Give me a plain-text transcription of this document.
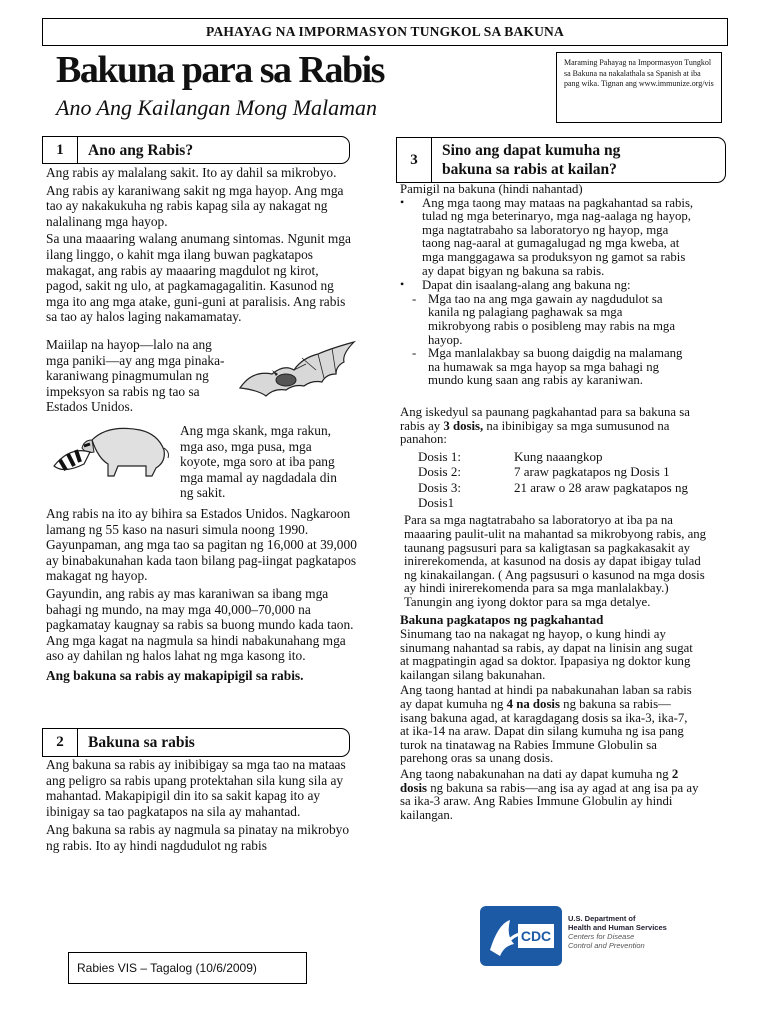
PAHAYAG NA IMPORMASYON TUNGKOL SA BAKUNA
Bakuna para sa Rabis
Ano Ang Kailangan Mong Malaman
Maraming Pahayag na Impormasyon Tungkol sa Bakuna na nakalathala sa Spanish at iba pang wika. Tignan ang www.immunize.org/vis
1	Ano ang Rabis?
Ang rabis ay malalang sakit. Ito ay dahil sa mikrobyo.
Ang rabis ay karaniwang sakit ng mga hayop. Ang mga tao ay nakakukuha ng rabis kapag sila ay nakagat ng nalalinang mga hayop.
Sa una maaaring walang anumang sintomas. Ngunit mga ilang linggo, o kahit mga ilang buwan pagkatapos makagat, ang rabis ay maaaring magdulot ng kirot, pagod, sakit ng ulo, at pagkamagagalitin. Kasunod ng mga ito ang mga atake, guni-guni at paralisis. Ang rabis sa tao ay halos laging nakamamatay.
Maiilap na hayop—lalo na ang mga paniki—ay ang mga pinaka-karaniwang pinagmumulan ng impeksyon sa rabis ng tao sa Estados Unidos.
Ang mga skank, mga rakun, mga aso, mga pusa, mga koyote, mga soro at iba pang mga mamal ay nagdadala din ng sakit.
Ang rabis na ito ay bihira sa Estados Unidos. Nagkaroon lamang ng 55 kaso na nasuri simula noong 1990. Gayunpaman, ang mga tao sa pagitan ng 16,000 at 39,000 ay binabakunahan kada taon bilang pag-iingat pagkatapos makagat ng hayop.
Gayundin, ang rabis ay mas karaniwan sa ibang mga bahagi ng mundo, na may mga 40,000–70,000 na pagkamatay kaugnay sa rabis sa buong mundo kada taon. Ang mga kagat na nagmula sa hindi nabakunahang mga aso ay dahilan ng halos lahat ng mga kasong ito.
Ang bakuna sa rabis ay makapipigil sa rabis.
2	Bakuna sa rabis
Ang bakuna sa rabis ay inibibigay sa mga tao na mataas ang peligro sa rabis upang protektahan sila kung sila ay mahantad. Makapipigil din ito sa sakit kapag ito ay ibinigay sa tao pagkatapos na sila ay mahantad.
Ang bakuna sa rabis ay nagmula sa pinatay na mikrobyo ng rabis. Ito ay hindi nagdudulot ng rabis
3
Sino ang dapat kumuha ng bakuna sa rabis at kailan?
Pamigil na bakuna (hindi nahantad)
• Ang mga taong may mataas na pagkahantad sa rabis, tulad ng mga beterinaryo, mga nag-aalaga ng hayop, mga nagtatrabaho sa laboratoryo ng hayop, mga taong nag-aaral at gumagalugad ng mga kweba, at mga manggagawa sa produksyon ng gamot sa rabis ay dapat bigyan ng bakuna sa rabis.
• Dapat din isaalang-alang ang bakuna ng:
- Mga tao na ang mga gawain ay nagdudulot sa kanila ng palagiang paghawak sa mga mikrobyong rabis o posibleng may rabis na mga hayop.
- Mga manlalakbay sa buong daigdig na malamang na humawak sa mga hayop sa mga bahagi ng mundo kung saan ang rabis ay karaniwan.
Ang iskedyul sa paunang pagkahantad para sa bakuna sa rabis ay 3 dosis, na ibinibigay sa mga sumusunod na panahon:
Dosis 1:	Kung naaangkop
Dosis 2:	7 araw pagkatapos ng Dosis 1
Dosis 3:	21 araw o 28 araw pagkatapos ng
Dosis1
Para sa mga nagtatrabaho sa laboratoryo at iba pa na maaaring paulit-ulit na mahantad sa mikrobyong rabis, ang taunang pagsusuri para sa kaligtasan sa pagkakasakit ay inirerekomenda, at kasunod na dosis ay dapat ibigay tulad ng kinakailangan. ( Ang pagsusuri o kasunod na mga dosis ay hindi inirerekomenda para sa mga manlalakbay.) Tanungin ang iyong doktor para sa mga detalye.
Bakuna pagkatapos ng pagkahantad
Sinumang tao na nakagat ng hayop, o kung hindi ay sinumang nahantad sa rabis, ay dapat na linisin ang sugat at magpatingin agad sa doktor. Ipapasiya ng doktor kung kailangan silang bakunahan.
Ang taong hantad at hindi pa nabakunahan laban sa rabis ay dapat kumuha ng 4 na dosis ng bakuna sa rabis—isang bakuna agad, at karagdagang dosis sa ika-3, ika-7, at ika-14 na araw. Dapat din silang kumuha ng isa pang turok na tinatawag na Rabies Immune Globulin sa parehong oras sa unang dosis.
Ang taong nabakunahan na dati ay dapat kumuha ng 2 dosis ng bakuna sa rabis—ang isa ay agad at ang isa pa ay sa ika-3 araw. Ang Rabies Immune Globulin ay hindi kailangan.
CDC
U.S. Department of
Health and Human Services
Centers for Disease
Control and Prevention
Rabies VIS – Tagalog (10/6/2009)
